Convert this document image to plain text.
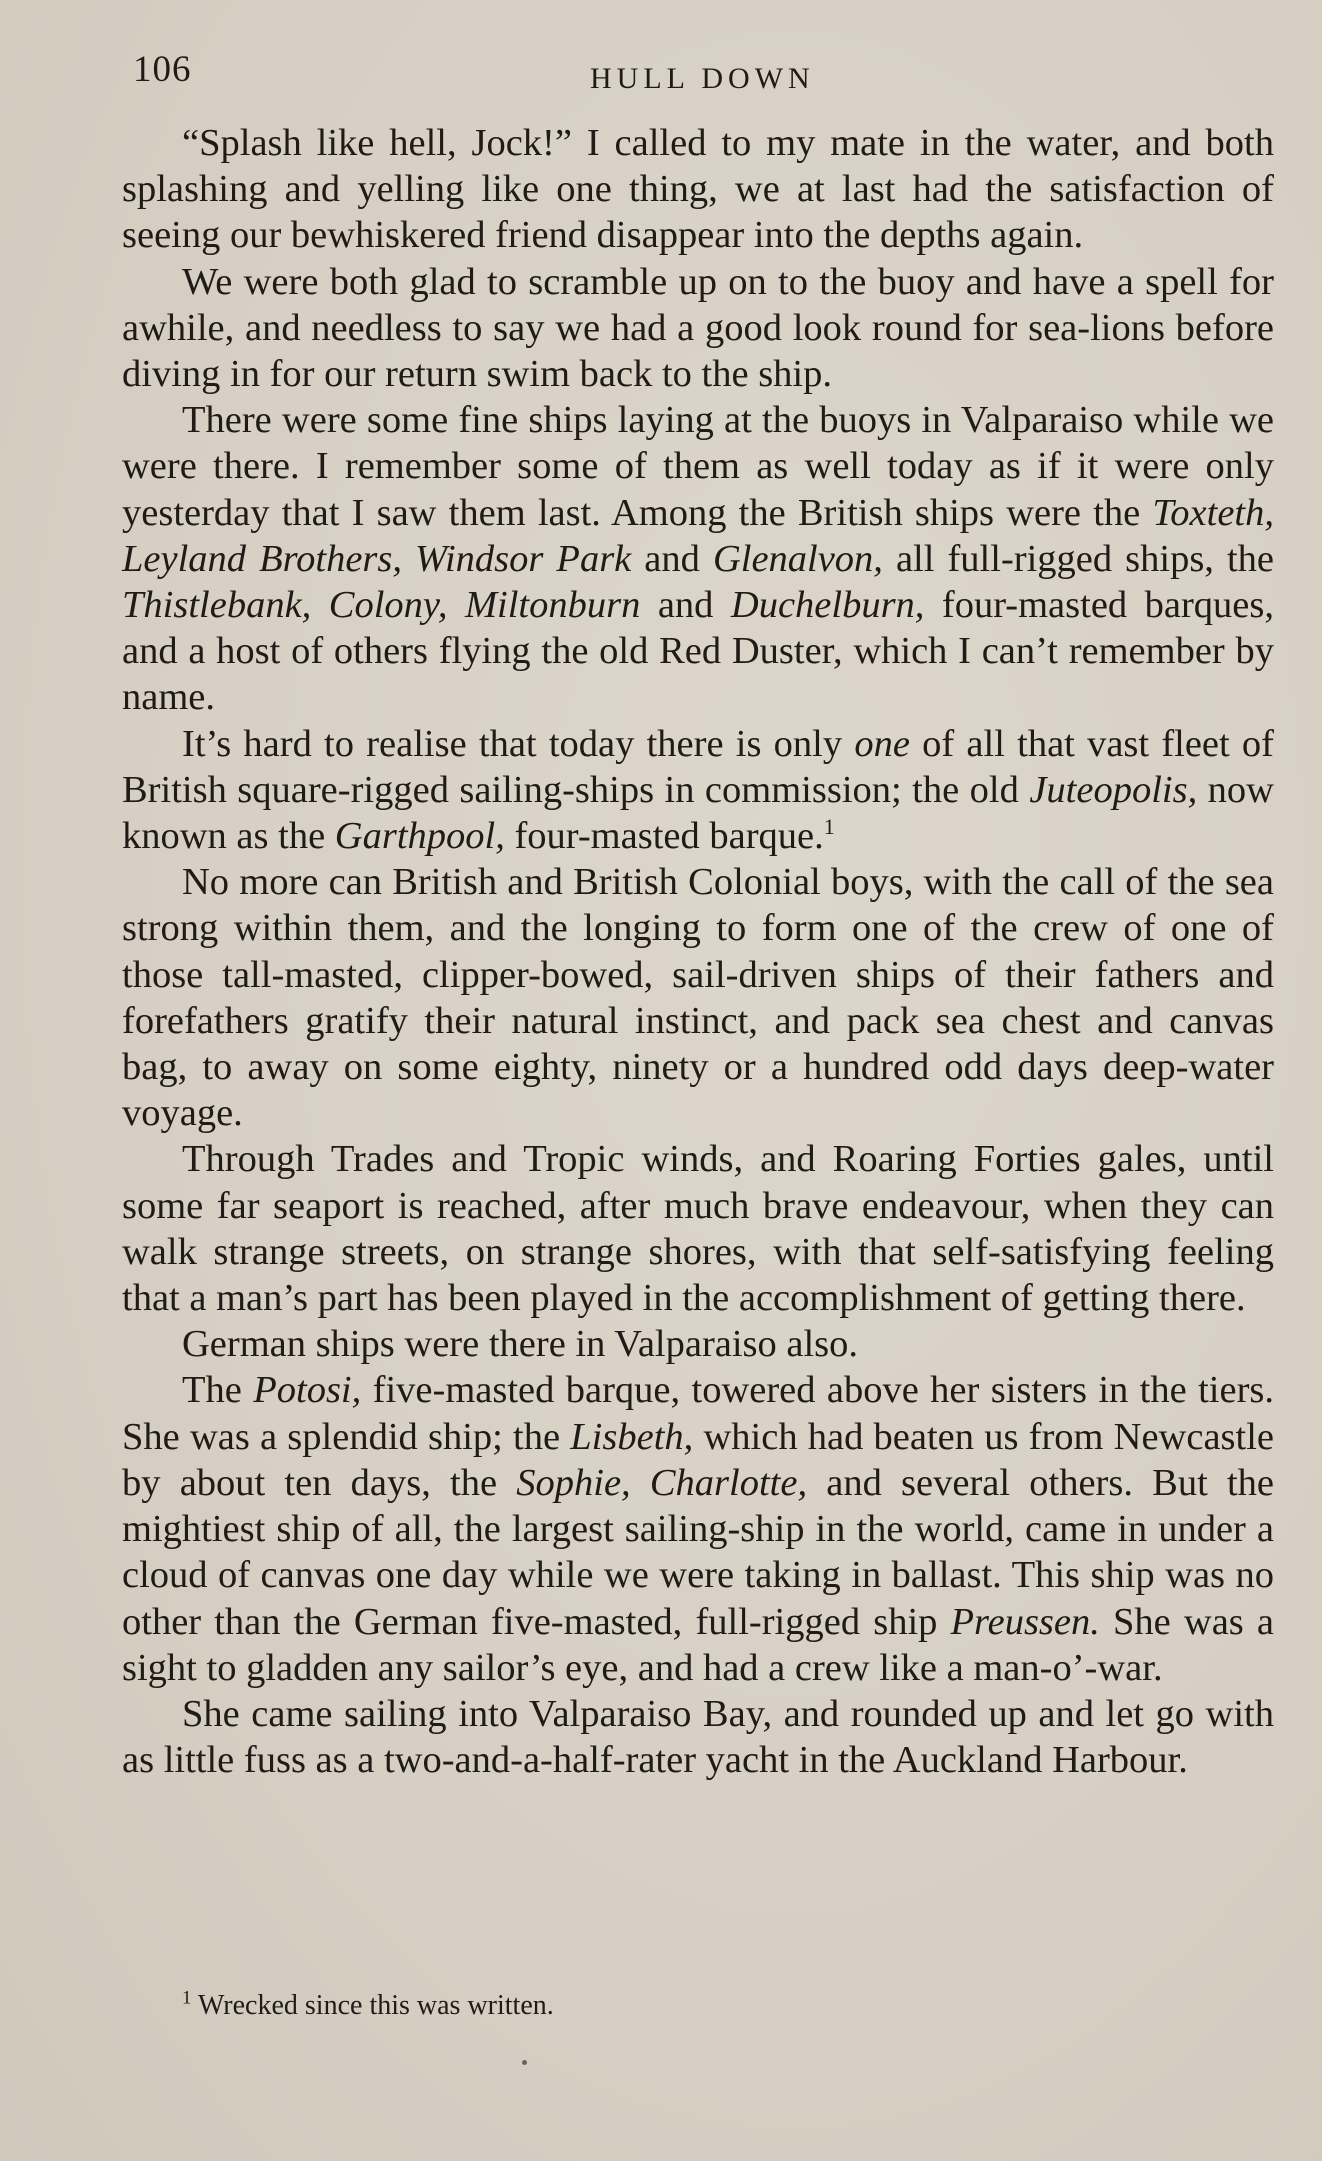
106	HULL DOWN

“Splash like hell, Jock!” I called to my mate in the water, and both splashing and yelling like one thing, we at last had the satisfaction of seeing our bewhiskered friend disappear into the depths again.

We were both glad to scramble up on to the buoy and have a spell for awhile, and needless to say we had a good look round for sea-lions before diving in for our return swim back to the ship.

There were some fine ships laying at the buoys in Valparaiso while we were there. I remember some of them as well today as if it were only yesterday that I saw them last. Among the British ships were the Toxteth, Leyland Brothers, Windsor Park and Glenalvon, all full-rigged ships, the Thistlebank, Colony, Miltonburn and Duchelburn, four-masted barques, and a host of others flying the old Red Duster, which I can’t remember by name.

It’s hard to realise that today there is only one of all that vast fleet of British square-rigged sailing-ships in commission; the old Juteopolis, now known as the Garthpool, four-masted barque.$^1$

No more can British and British Colonial boys, with the call of the sea strong within them, and the longing to form one of the crew of one of those tall-masted, clipper-bowed, sail-driven ships of their fathers and forefathers gratify their natural instinct, and pack sea chest and canvas bag, to away on some eighty, ninety or a hundred odd days deep-water voyage.

Through Trades and Tropic winds, and Roaring Forties gales, until some far seaport is reached, after much brave endeavour, when they can walk strange streets, on strange shores, with that self-satisfying feeling that a man’s part has been played in the accomplishment of getting there.

German ships were there in Valparaiso also.

The Potosi, five-masted barque, towered above her sisters in the tiers. She was a splendid ship; the Lisbeth, which had beaten us from Newcastle by about ten days, the Sophie, Charlotte, and several others. But the mightiest ship of all, the largest sailing-ship in the world, came in under a cloud of canvas one day while we were taking in ballast. This ship was no other than the German five-masted, full-rigged ship Preussen. She was a sight to gladden any sailor’s eye, and had a crew like a man-o’-war.

She came sailing into Valparaiso Bay, and rounded up and let go with as little fuss as a two-and-a-half-rater yacht in the Auckland Harbour.

$^1$ Wrecked since this was written.
